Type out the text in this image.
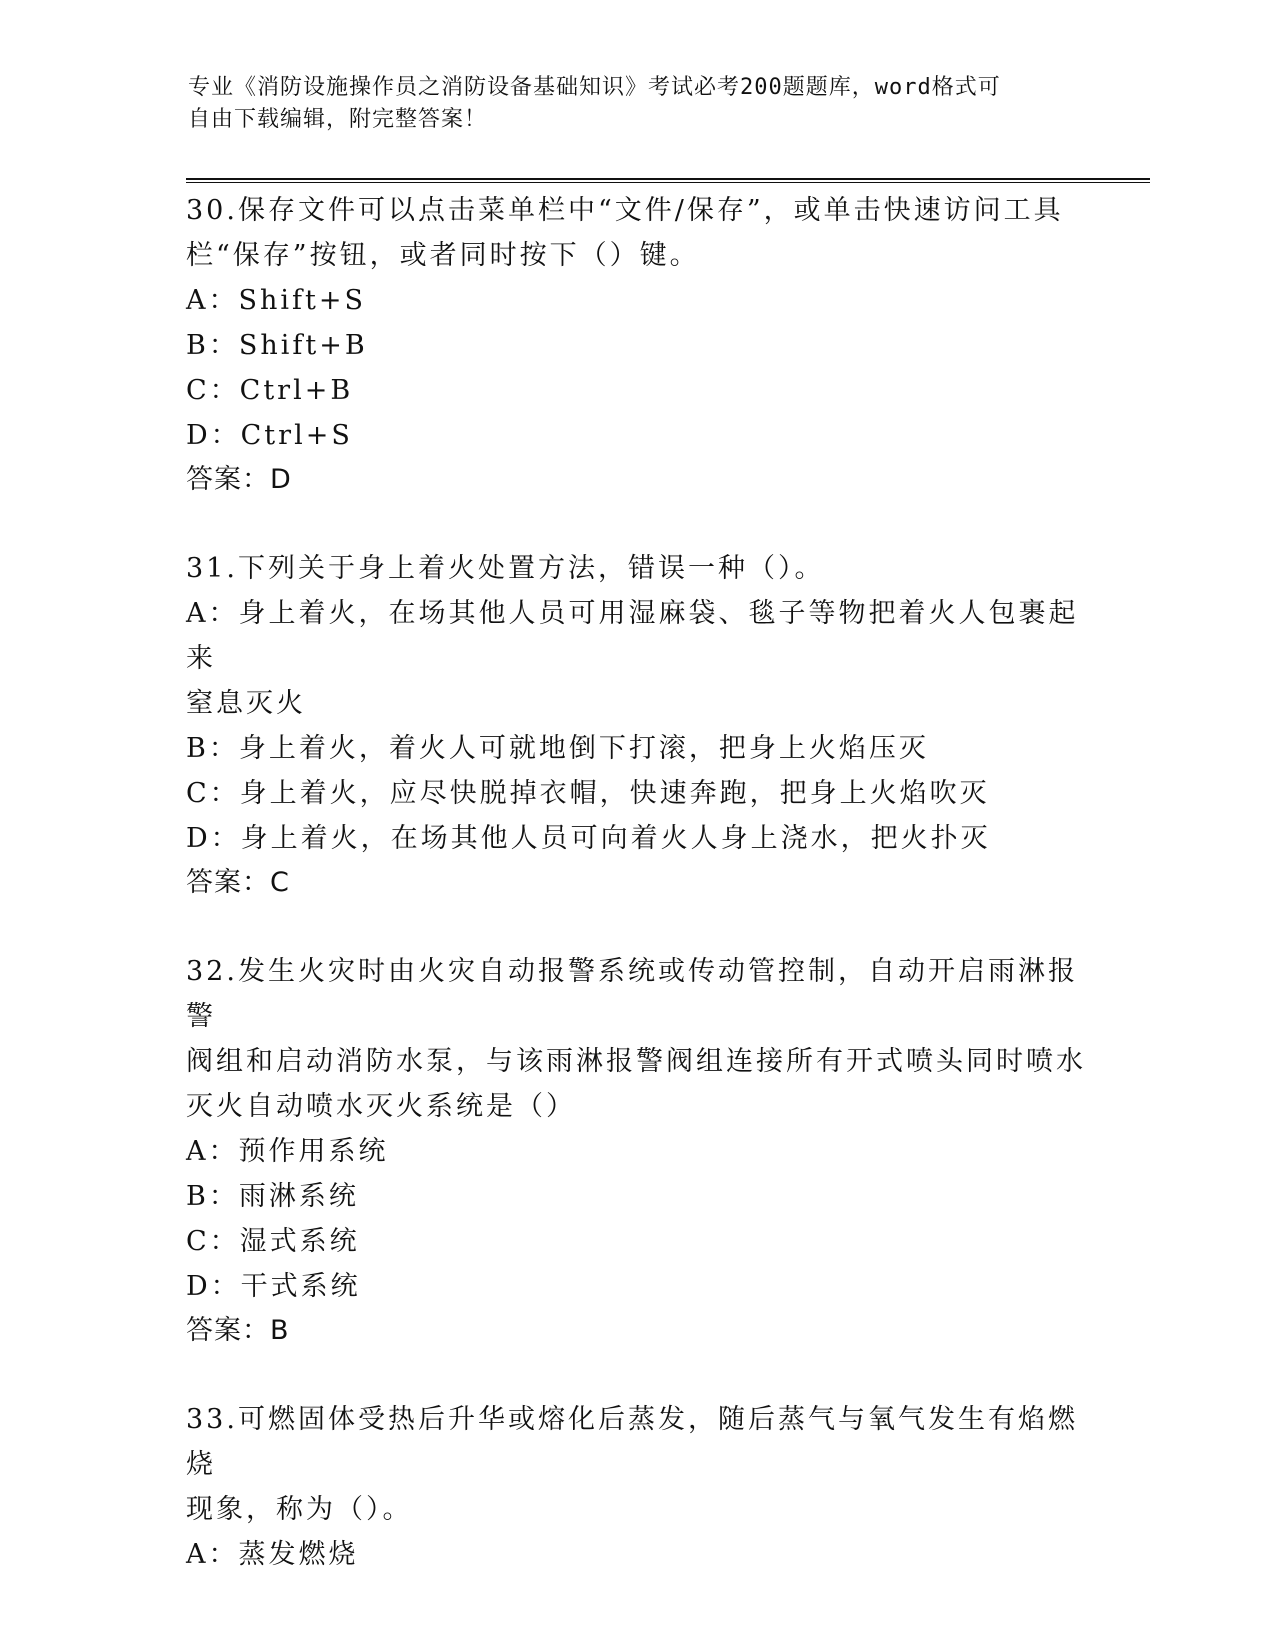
专业《消防设施操作员之消防设备基础知识》考试必考200题题库，word格式可
自由下载编辑，附完整答案！
30.保存文件可以点击菜单栏中“文件/保存”，或单击快速访问工具
栏“保存”按钮，或者同时按下（）键。
A：Shift+S
B：Shift+B
C：Ctrl+B
D：Ctrl+S
答案：D
31.下列关于身上着火处置方法，错误一种（）。
A：身上着火，在场其他人员可用湿麻袋、毯子等物把着火人包裹起来
窒息灭火
B：身上着火，着火人可就地倒下打滚，把身上火焰压灭
C：身上着火，应尽快脱掉衣帽，快速奔跑，把身上火焰吹灭
D：身上着火，在场其他人员可向着火人身上浇水，把火扑灭
答案：C
32.发生火灾时由火灾自动报警系统或传动管控制，自动开启雨淋报警
阀组和启动消防水泵，与该雨淋报警阀组连接所有开式喷头同时喷水
灭火自动喷水灭火系统是（）
A：预作用系统
B：雨淋系统
C：湿式系统
D：干式系统
答案：B
33.可燃固体受热后升华或熔化后蒸发，随后蒸气与氧气发生有焰燃烧
现象，称为（）。
A：蒸发燃烧
